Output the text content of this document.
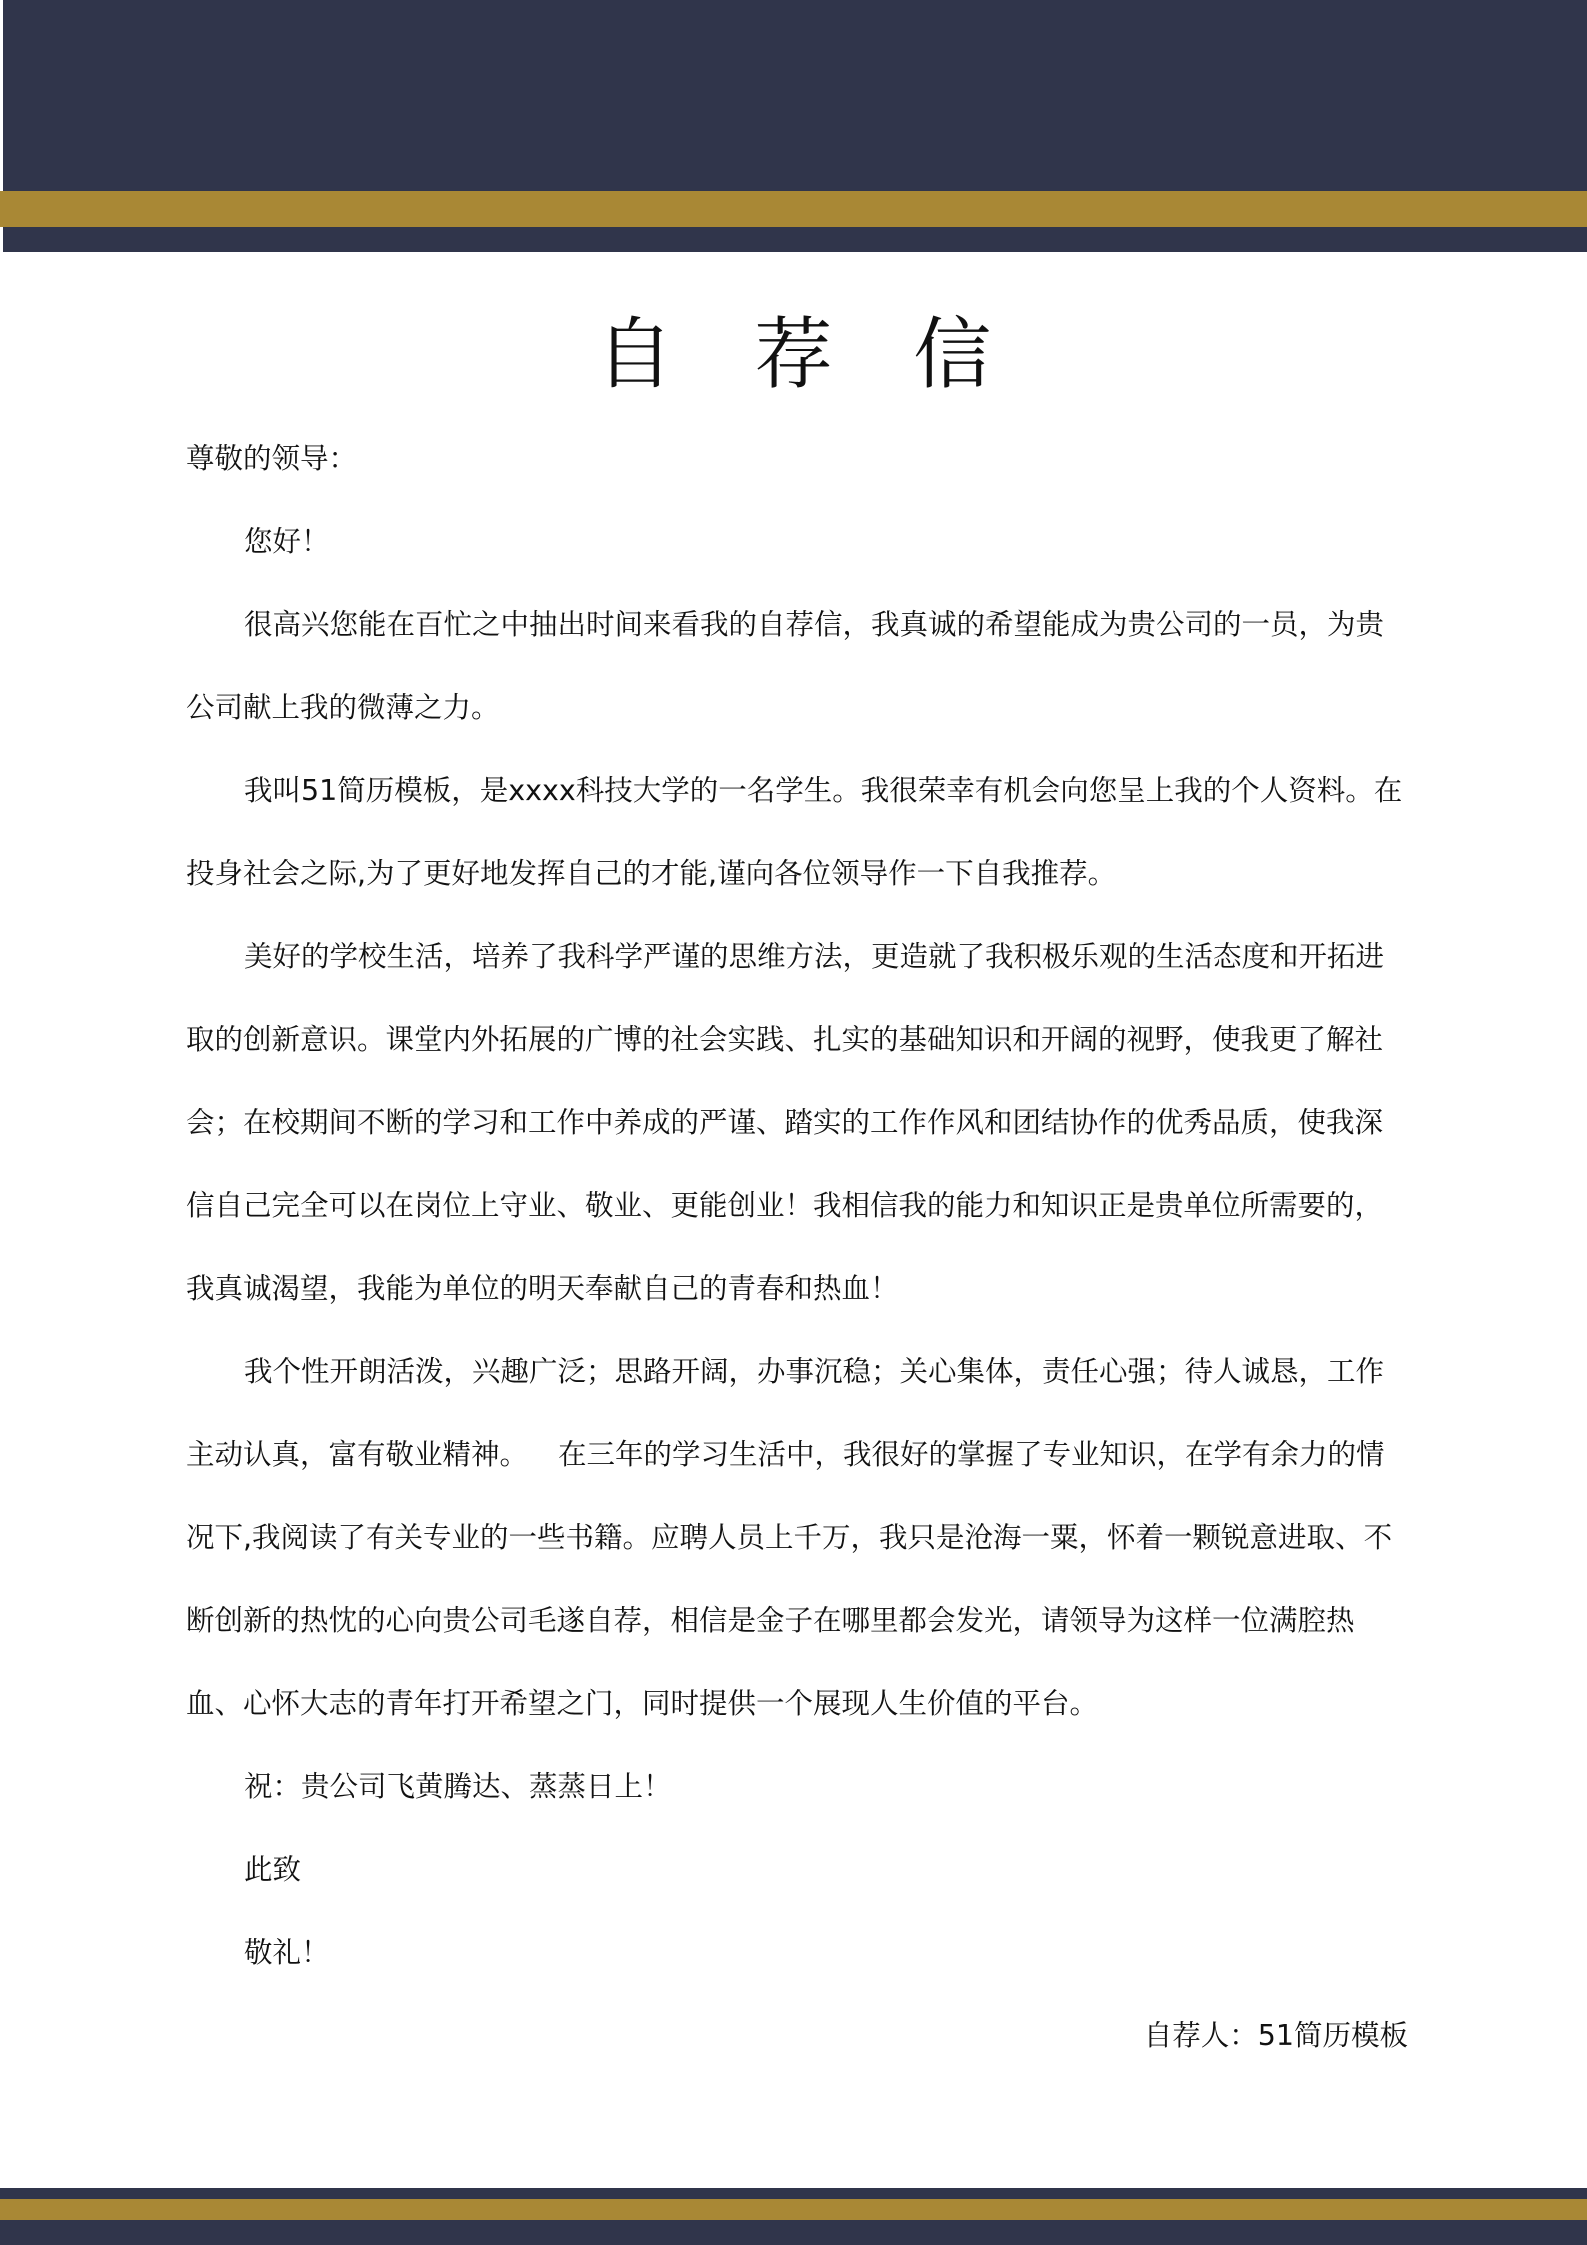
自 荐 信

尊敬的领导：

您好！

很高兴您能在百忙之中抽出时间来看我的自荐信，我真诚的希望能成为贵公司的一员，为贵公司献上我的微薄之力。

我叫51简历模板，是xxxx科技大学的一名学生。我很荣幸有机会向您呈上我的个人资料。在投身社会之际,为了更好地发挥自己的才能,谨向各位领导作一下自我推荐。

美好的学校生活，培养了我科学严谨的思维方法，更造就了我积极乐观的生活态度和开拓进取的创新意识。课堂内外拓展的广博的社会实践、扎实的基础知识和开阔的视野，使我更了解社会；在校期间不断的学习和工作中养成的严谨、踏实的工作作风和团结协作的优秀品质，使我深信自己完全可以在岗位上守业、敬业、更能创业！我相信我的能力和知识正是贵单位所需要的，我真诚渴望，我能为单位的明天奉献自己的青春和热血！

我个性开朗活泼，兴趣广泛；思路开阔，办事沉稳；关心集体，责任心强；待人诚恳，工作主动认真，富有敬业精神。 在三年的学习生活中，我很好的掌握了专业知识，在学有余力的情况下,我阅读了有关专业的一些书籍。应聘人员上千万，我只是沧海一粟，怀着一颗锐意进取、不断创新的热忱的心向贵公司毛遂自荐，相信是金子在哪里都会发光，请领导为这样一位满腔热血、心怀大志的青年打开希望之门，同时提供一个展现人生价值的平台。

祝：贵公司飞黄腾达、蒸蒸日上！

此致

敬礼！

自荐人：51简历模板
